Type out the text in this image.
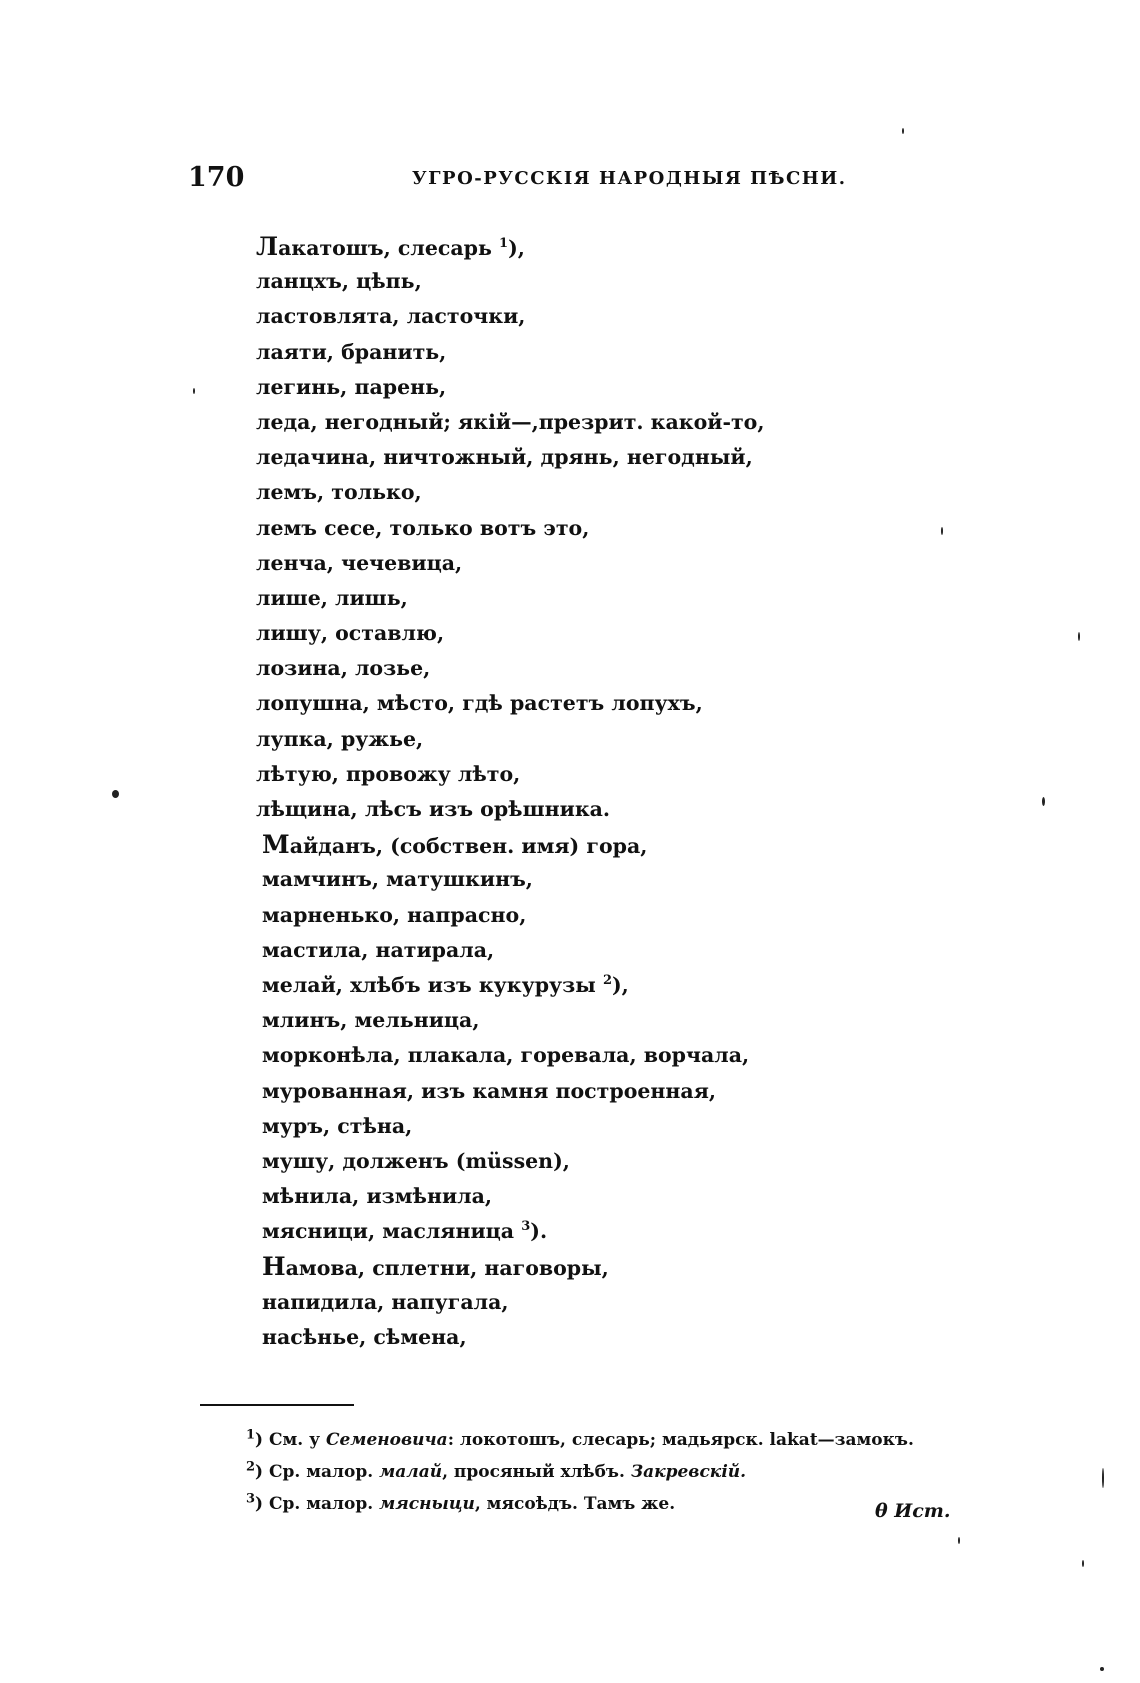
170	УГРО-РУССКІЯ НАРОДНЫЯ ПѢСНИ.
Лакатошъ, слесарь $^1$),
ланцхъ, цѣпь,
ластовлята, ласточки,
лаяти, бранить,
легинь, парень,
леда, негодный; якій—,презрит. какой-то,
ледачина, ничтожный, дрянь, негодный,
лемъ, только,
лемъ сесе, только вотъ это,
ленча, чечевица,
лише, лишь,
лишу, оставлю,
лозина, лозье,
лопушна, мѣсто, гдѣ растетъ лопухъ,
лупка, ружье,
лѣтую, провожу лѣто,
лѣщина, лѣсъ изъ орѣшника.
Майданъ, (собствен. имя) гора,
мамчинъ, матушкинъ,
марненько, напрасно,
мастила, натирала,
мелай, хлѣбъ изъ кукурузы $^2$),
млинъ, мельница,
морконѣла, плакала, горевала, ворчала,
мурованная, изъ камня построенная,
муръ, стѣна,
мушу, долженъ (müssen),
мѣнила, измѣнила,
мясници, масляница $^3$).
Намова, сплетни, наговоры,
напидила, напугала,
насѣнье, сѣмена,
$^1$) См. у Семеновича: локотошъ, слесарь; мадьярск. lakat—замокъ.
$^2$) Ср. малор. малай, просяный хлѣбъ. Закревскій.
$^3$) Ср. малор. мясныци, мясоѣдъ. Тамъ же.	θ Ист.
